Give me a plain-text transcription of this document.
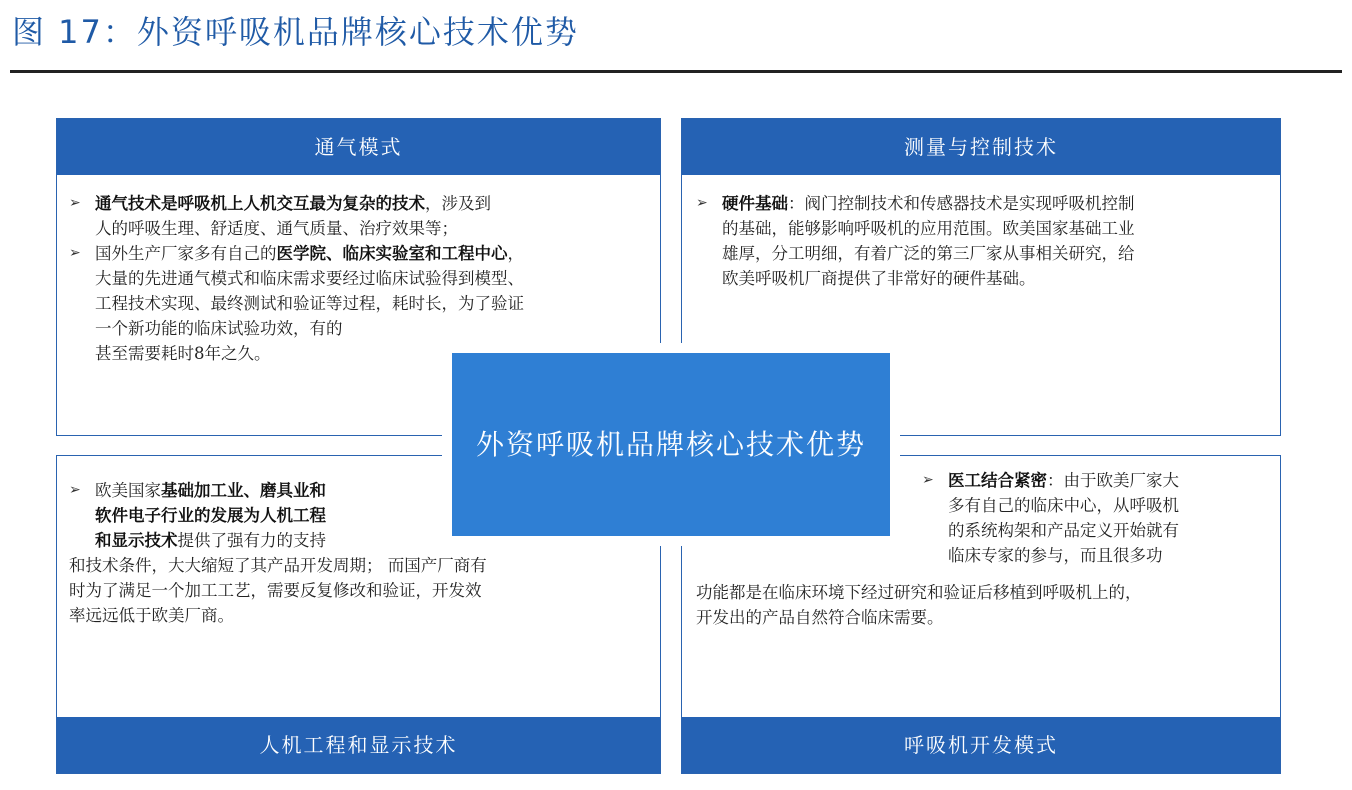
图 17：外资呼吸机品牌核心技术优势
通气模式
➢ 通气技术是呼吸机上人机交互最为复杂的技术，涉及到
人的呼吸生理、舒适度、通气质量、治疗效果等；
➢ 国外生产厂家多有自己的医学院、临床实验室和工程中心，
大量的先进通气模式和临床需求要经过临床试验得到模型、
工程技术实现、最终测试和验证等过程，耗时长，为了验证
一个新功能的临床试验功效，有的
甚至需要耗时8年之久。
测量与控制技术
➢ 硬件基础：阀门控制技术和传感器技术是实现呼吸机控制
的基础，能够影响呼吸机的应用范围。欧美国家基础工业
雄厚，分工明细，有着广泛的第三厂家从事相关研究，给
欧美呼吸机厂商提供了非常好的硬件基础。
➢ 欧美国家基础加工业、磨具业和
软件电子行业的发展为人机工程
和显示技术提供了强有力的支持
和技术条件，大大缩短了其产品开发周期； 而国产厂商有
时为了满足一个加工工艺，需要反复修改和验证，开发效
率远远低于欧美厂商。
人机工程和显示技术
➢ 医工结合紧密：由于欧美厂家大
多有自己的临床中心，从呼吸机
的系统构架和产品定义开始就有
临床专家的参与，而且很多功
功能都是在临床环境下经过研究和验证后移植到呼吸机上的，
开发出的产品自然符合临床需要。
呼吸机开发模式
外资呼吸机品牌核心技术优势
